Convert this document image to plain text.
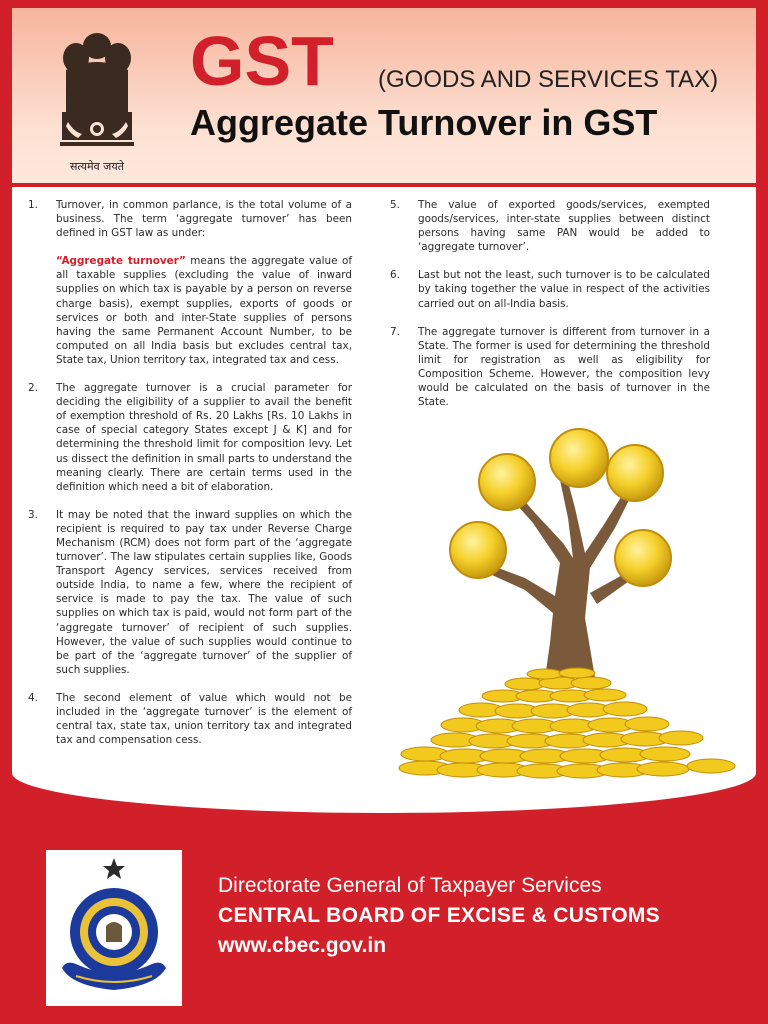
सत्यमेव जयते
GST (GOODS AND SERVICES TAX)
Aggregate Turnover in GST
1.	Turnover, in common parlance, is the total volume of a business. The term ‘aggregate turnover’ has been defined in GST law as under:

“Aggregate turnover” means the aggregate value of all taxable supplies (excluding the value of inward supplies on which tax is payable by a person on reverse charge basis), exempt supplies, exports of goods or services or both and inter-State supplies of persons having the same Permanent Account Number, to be computed on all India basis but excludes central tax, State tax, Union territory tax, integrated tax and cess.

2.	The aggregate turnover is a crucial parameter for deciding the eligibility of a supplier to avail the benefit of exemption threshold of Rs. 20 Lakhs [Rs. 10 Lakhs in case of special category States except J & K] and for determining the threshold limit for composition levy. Let us dissect the definition in small parts to understand the meaning clearly. There are certain terms used in the definition which need a bit of elaboration.

3.	It may be noted that the inward supplies on which the recipient is required to pay tax under Reverse Charge Mechanism (RCM) does not form part of the ‘aggregate turnover’. The law stipulates certain supplies like, Goods Transport Agency services, services received from outside India, to name a few, where the recipient of service is made to pay the tax. The value of such supplies on which tax is paid, would not form part of the ‘aggregate turnover’ of recipient of such supplies. However, the value of such supplies would continue to be part of the ‘aggregate turnover’ of the supplier of such supplies.

4.	The second element of value which would not be included in the ‘aggregate turnover’ is the element of central tax, state tax, union territory tax and integrated tax and compensation cess.

5.	The value of exported goods/services, exempted goods/services, inter-state supplies between distinct persons having same PAN would be added to ‘aggregate turnover’.

6.	Last but not the least, such turnover is to be calculated by taking together the value in respect of the activities carried out on all-India basis.

7.	The aggregate turnover is different from turnover in a State. The former is used for determining the threshold limit for registration as well as eligibility for Composition Scheme. However, the composition levy would be calculated on the basis of turnover in the State.

Directorate General of Taxpayer Services
CENTRAL BOARD OF EXCISE & CUSTOMS
www.cbec.gov.in
